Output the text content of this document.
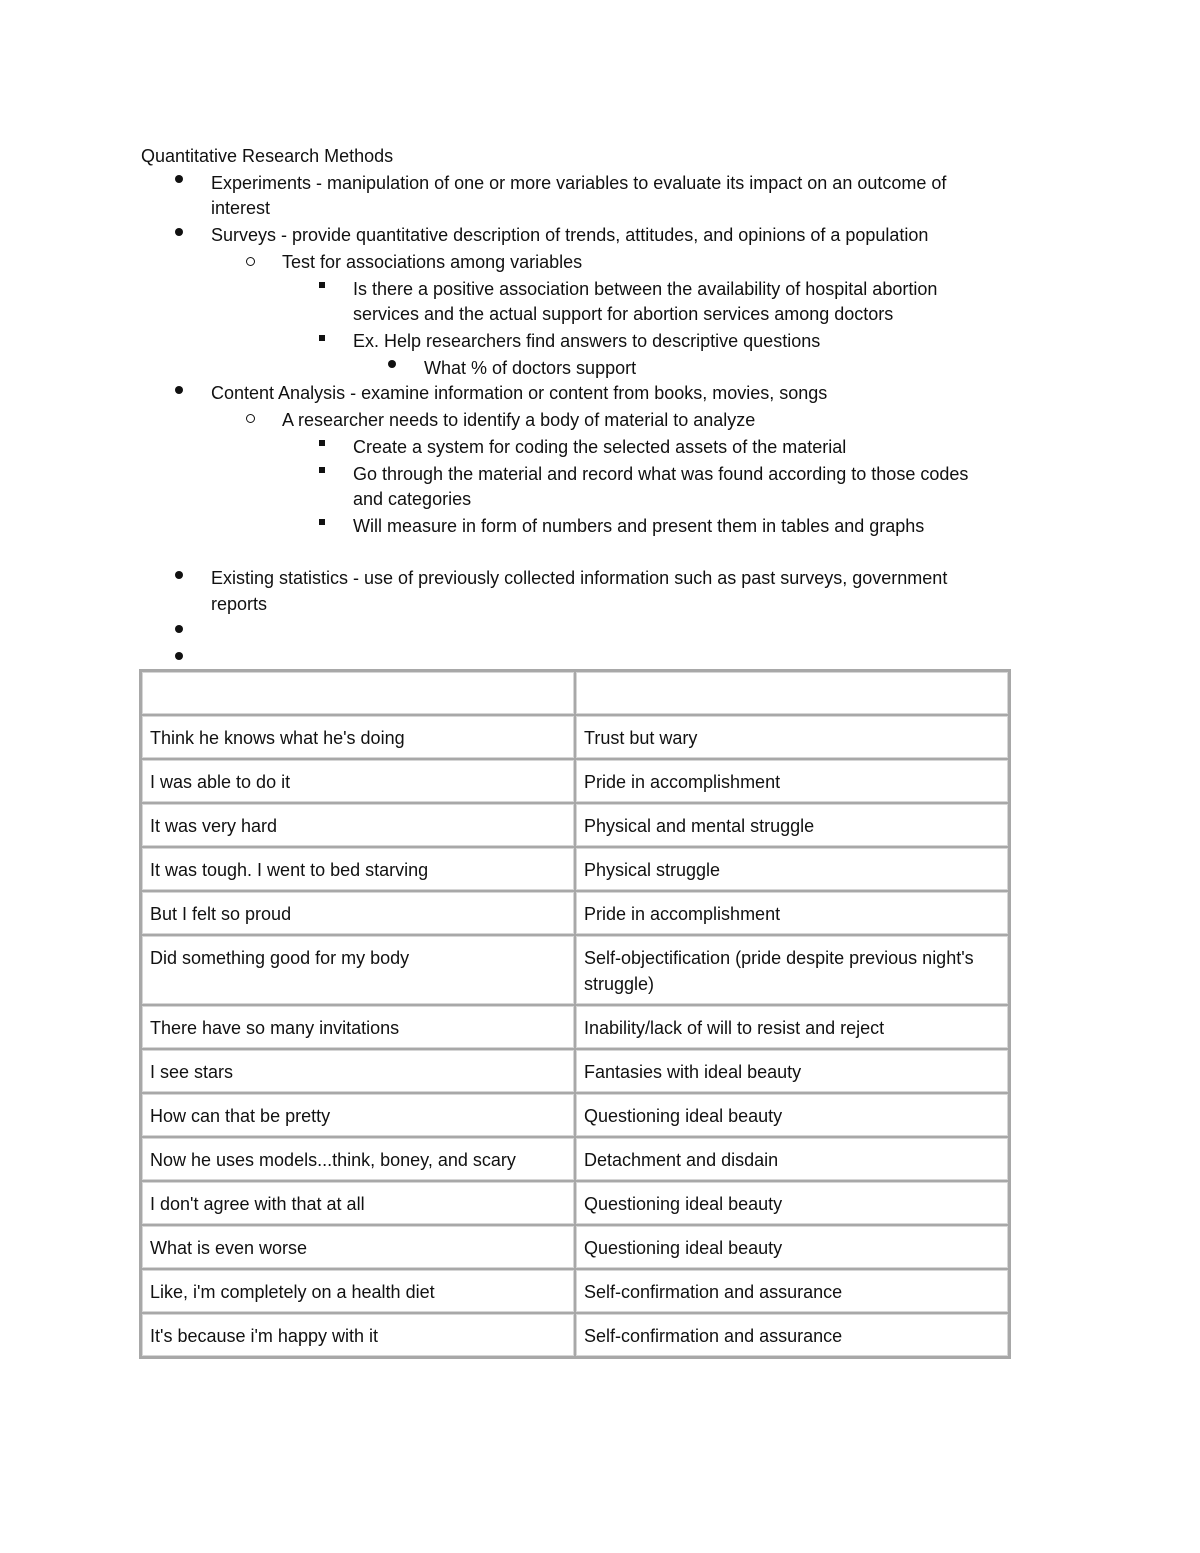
Quantitative Research Methods
Experiments - manipulation of one or more variables to evaluate its impact on an outcome of
interest
Surveys - provide quantitative description of trends, attitudes, and opinions of a population
Test for associations among variables
Is there a positive association between the availability of hospital abortion
services and the actual support for abortion services among doctors
Ex. Help researchers find answers to descriptive questions
What % of doctors support
Content Analysis - examine information or content from books, movies, songs
A researcher needs to identify a body of material to analyze
Create a system for coding the selected assets of the material
Go through the material and record what was found according to those codes
and categories
Will measure in form of numbers and present them in tables and graphs
Existing statistics - use of previously collected information such as past surveys, government
reports

Think he knows what he's doing	Trust but wary
I was able to do it	Pride in accomplishment
It was very hard	Physical and mental struggle
It was tough. I went to bed starving	Physical struggle
But I felt so proud	Pride in accomplishment
Did something good for my body	Self-objectification (pride despite previous night's struggle)
There have so many invitations	Inability/lack of will to resist and reject
I see stars	Fantasies with ideal beauty
How can that be pretty	Questioning ideal beauty
Now he uses models...think, boney, and scary	Detachment and disdain
I don't agree with that at all	Questioning ideal beauty
What is even worse	Questioning ideal beauty
Like, i'm completely on a health diet	Self-confirmation and assurance
It's because i'm happy with it	Self-confirmation and assurance
